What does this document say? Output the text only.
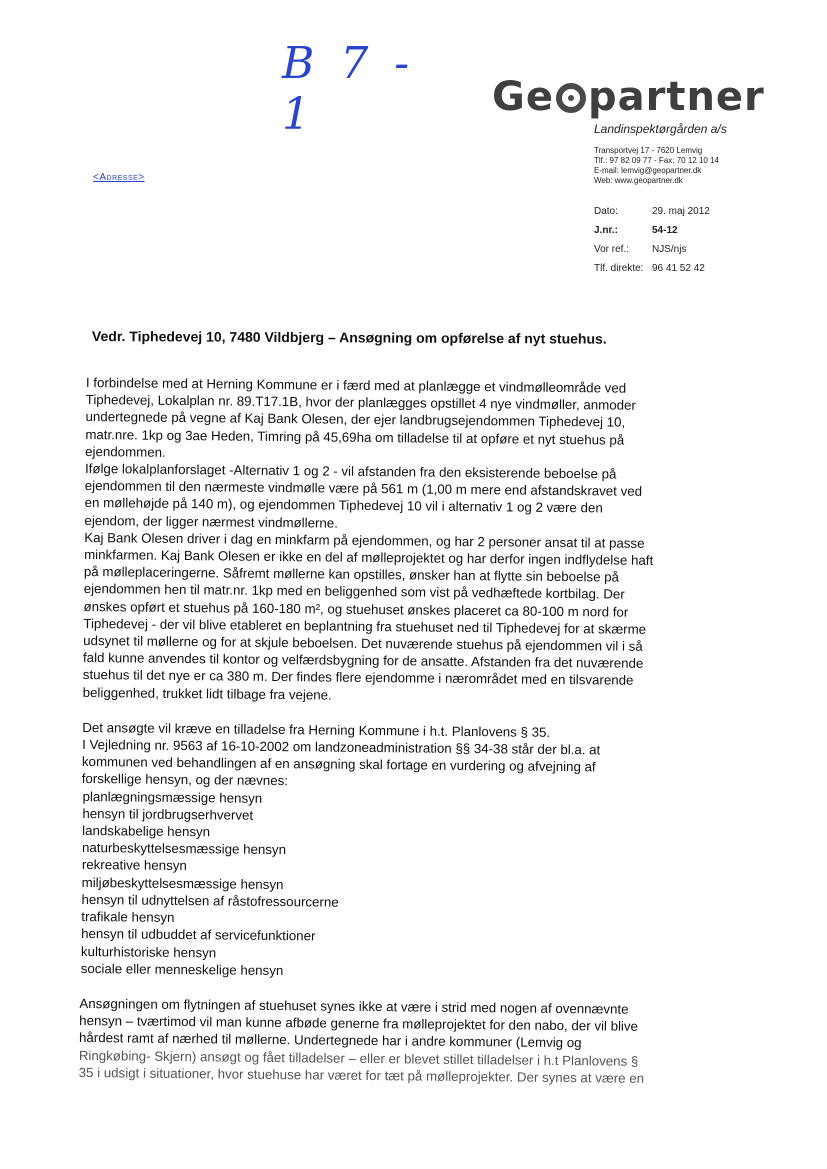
B 7 - 1	Ge partner
Landinspektørgården a/s
Transportvej 17 - 7620 Lemvig
Tlf.: 97 82 09 77 - Fax: 70 12 10 14
E-mail: lemvig@geopartner.dk
Web: www.geopartner.dk
<Adresse>
Dato:	29. maj 2012
J.nr.:	54-12
Vor ref.:	NJS/njs
Tlf. direkte: 96 41 52 42
Vedr. Tiphedevej 10, 7480 Vildbjerg – Ansøgning om opførelse af nyt stuehus.

I forbindelse med at Herning Kommune er i færd med at planlægge et vindmølleområde ved
Tiphedevej, Lokalplan nr. 89.T17.1B, hvor der planlægges opstillet 4 nye vindmøller, anmoder
undertegnede på vegne af Kaj Bank Olesen, der ejer landbrugsejendommen Tiphedevej 10,
matr.nre. 1kp og 3ae Heden, Timring på 45,69ha om tilladelse til at opføre et nyt stuehus på
ejendommen.
Ifølge lokalplanforslaget -Alternativ 1 og 2 - vil afstanden fra den eksisterende beboelse på
ejendommen til den nærmeste vindmølle være på 561 m (1,00 m mere end afstandskravet ved
en møllehøjde på 140 m), og ejendommen Tiphedevej 10 vil i alternativ 1 og 2 være den
ejendom, der ligger nærmest vindmøllerne.
Kaj Bank Olesen driver i dag en minkfarm på ejendommen, og har 2 personer ansat til at passe
minkfarmen. Kaj Bank Olesen er ikke en del af mølleprojektet og har derfor ingen indflydelse haft
på mølleplaceringerne. Såfremt møllerne kan opstilles, ønsker han at flytte sin beboelse på
ejendommen hen til matr.nr. 1kp med en beliggenhed som vist på vedhæftede kortbilag. Der
ønskes opført et stuehus på 160-180 m², og stuehuset ønskes placeret ca 80-100 m nord for
Tiphedevej - der vil blive etableret en beplantning fra stuehuset ned til Tiphedevej for at skærme
udsynet til møllerne og for at skjule beboelsen. Det nuværende stuehus på ejendommen vil i så
fald kunne anvendes til kontor og velfærdsbygning for de ansatte. Afstanden fra det nuværende
stuehus til det nye er ca 380 m. Der findes flere ejendomme i nærområdet med en tilsvarende
beliggenhed, trukket lidt tilbage fra vejene.

Det ansøgte vil kræve en tilladelse fra Herning Kommune i h.t. Planlovens § 35.
I Vejledning nr. 9563 af 16-10-2002 om landzoneadministration §§ 34-38 står der bl.a. at
kommunen ved behandlingen af en ansøgning skal fortage en vurdering og afvejning af
forskellige hensyn, og der nævnes:

planlægningsmæssige hensyn
hensyn til jordbrugserhvervet
landskabelige hensyn
naturbeskyttelsesmæssige hensyn
rekreative hensyn
miljøbeskyttelsesmæssige hensyn
hensyn til udnyttelsen af råstofressourcerne
trafikale hensyn
hensyn til udbuddet af servicefunktioner
kulturhistoriske hensyn
sociale eller menneskelige hensyn

Ansøgningen om flytningen af stuehuset synes ikke at være i strid med nogen af ovennævnte
hensyn – tværtimod vil man kunne afbøde generne fra mølleprojektet for den nabo, der vil blive
hårdest ramt af nærhed til møllerne. Undertegnede har i andre kommuner (Lemvig og
Ringkøbing- Skjern) ansøgt og fået tilladelser – eller er blevet stillet tilladelser i h.t Planlovens §
35 i udsigt i situationer, hvor stuehuse har været for tæt på mølleprojekter. Der synes at være en
